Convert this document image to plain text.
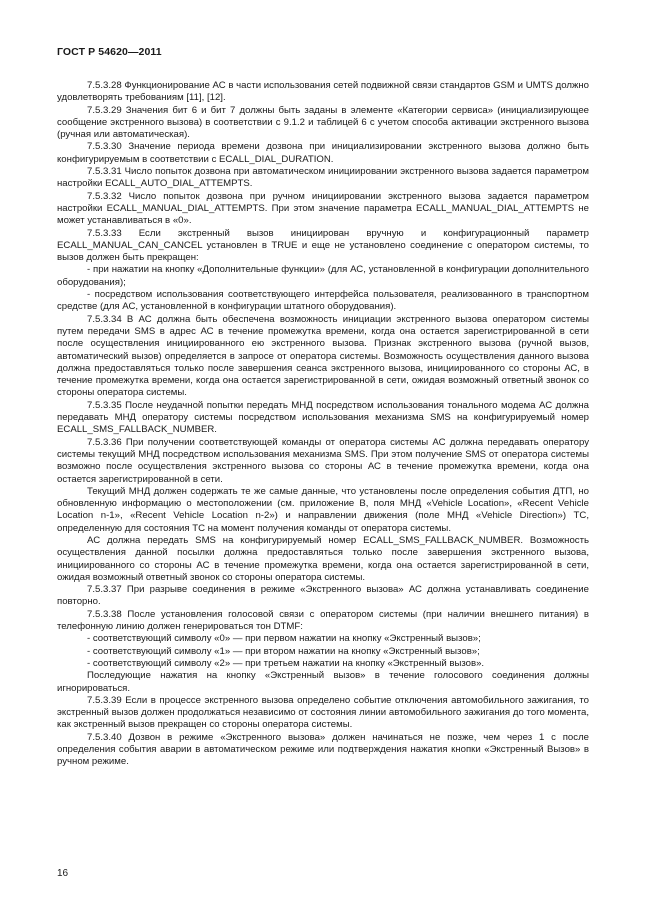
ГОСТ Р 54620—2011

7.5.3.28 Функционирование АС в части использования сетей подвижной связи стандартов GSM и UMTS должно удовлетворять требованиям [11], [12].

7.5.3.29 Значения бит 6 и бит 7 должны быть заданы в элементе «Категории сервиса» (инициализирующее сообщение экстренного вызова) в соответствии с 9.1.2 и таблицей 6 с учетом способа активации экстренного вызова (ручная или автоматическая).

7.5.3.30 Значение периода времени дозвона при инициализировании экстренного вызова должно быть конфигурируемым в соответствии с ECALL_DIAL_DURATION.

7.5.3.31 Число попыток дозвона при автоматическом инициировании экстренного вызова задается параметром настройки ECALL_AUTO_DIAL_ATTEMPTS.

7.5.3.32 Число попыток дозвона при ручном инициировании экстренного вызова задается параметром настройки ECALL_MANUAL_DIAL_ATTEMPTS. При этом значение параметра ECALL_MANUAL_DIAL_ATTEMPTS не может устанавливаться в «0».

7.5.3.33 Если экстренный вызов инициирован вручную и конфигурационный параметр ECALL_MANUAL_CAN_CANCEL установлен в TRUE и еще не установлено соединение с оператором системы, то вызов должен быть прекращен:

- при нажатии на кнопку «Дополнительные функции» (для АС, установленной в конфигурации дополнительного оборудования);

- посредством использования соответствующего интерфейса пользователя, реализованного в транспортном средстве (для АС, установленной в конфигурации штатного оборудования).

7.5.3.34 В АС должна быть обеспечена возможность инициации экстренного вызова оператором системы путем передачи SMS в адрес АС в течение промежутка времени, когда она остается зарегистрированной в сети после осуществления инициированного ею экстренного вызова. Признак экстренного вызова (ручной вызов, автоматический вызов) определяется в запросе от оператора системы. Возможность осуществления данного вызова должна предоставляться только после завершения сеанса экстренного вызова, инициированного со стороны АС, в течение промежутка времени, когда она остается зарегистрированной в сети, ожидая возможный ответный звонок со стороны оператора системы.

7.5.3.35 После неудачной попытки передать МНД посредством использования тонального модема АС должна передавать МНД оператору системы посредством использования механизма SMS на конфигурируемый номер ECALL_SMS_FALLBACK_NUMBER.

7.5.3.36 При получении соответствующей команды от оператора системы АС должна передавать оператору системы текущий МНД посредством использования механизма SMS. При этом получение SMS от оператора системы возможно после осуществления экстренного вызова со стороны АС в течение промежутка времени, когда она остается зарегистрированной в сети.

Текущий МНД должен содержать те же самые данные, что установлены после определения события ДТП, но обновленную информацию о местоположении (см. приложение В, поля МНД «Vehicle Location», «Recent Vehicle Location n-1», «Recent Vehicle Location n-2») и направлении движения (поле МНД «Vehicle Direction») ТС, определенную для состояния ТС на момент получения команды от оператора системы.

АС должна передать SMS на конфигурируемый номер ECALL_SMS_FALLBACK_NUMBER. Возможность осуществления данной посылки должна предоставляться только после завершения экстренного вызова, инициированного со стороны АС в течение промежутка времени, когда она остается зарегистрированной в сети, ожидая возможный ответный звонок со стороны оператора системы.

7.5.3.37 При разрыве соединения в режиме «Экстренного вызова» АС должна устанавливать соединение повторно.

7.5.3.38 После установления голосовой связи с оператором системы (при наличии внешнего питания) в телефонную линию должен генерироваться тон DTMF:

- соответствующий символу «0» — при первом нажатии на кнопку «Экстренный вызов»;

- соответствующий символу «1» — при втором нажатии на кнопку «Экстренный вызов»;

- соответствующий символу «2» — при третьем нажатии на кнопку «Экстренный вызов».

Последующие нажатия на кнопку «Экстренный вызов» в течение голосового соединения должны игнорироваться.

7.5.3.39 Если в процессе экстренного вызова определено событие отключения автомобильного зажигания, то экстренный вызов должен продолжаться независимо от состояния линии автомобильного зажигания до того момента, как экстренный вызов прекращен со стороны оператора системы.

7.5.3.40 Дозвон в режиме «Экстренного вызова» должен начинаться не позже, чем через 1 с после определения события аварии в автоматическом режиме или подтверждения нажатия кнопки «Экстренный Вызов» в ручном режиме.

16
